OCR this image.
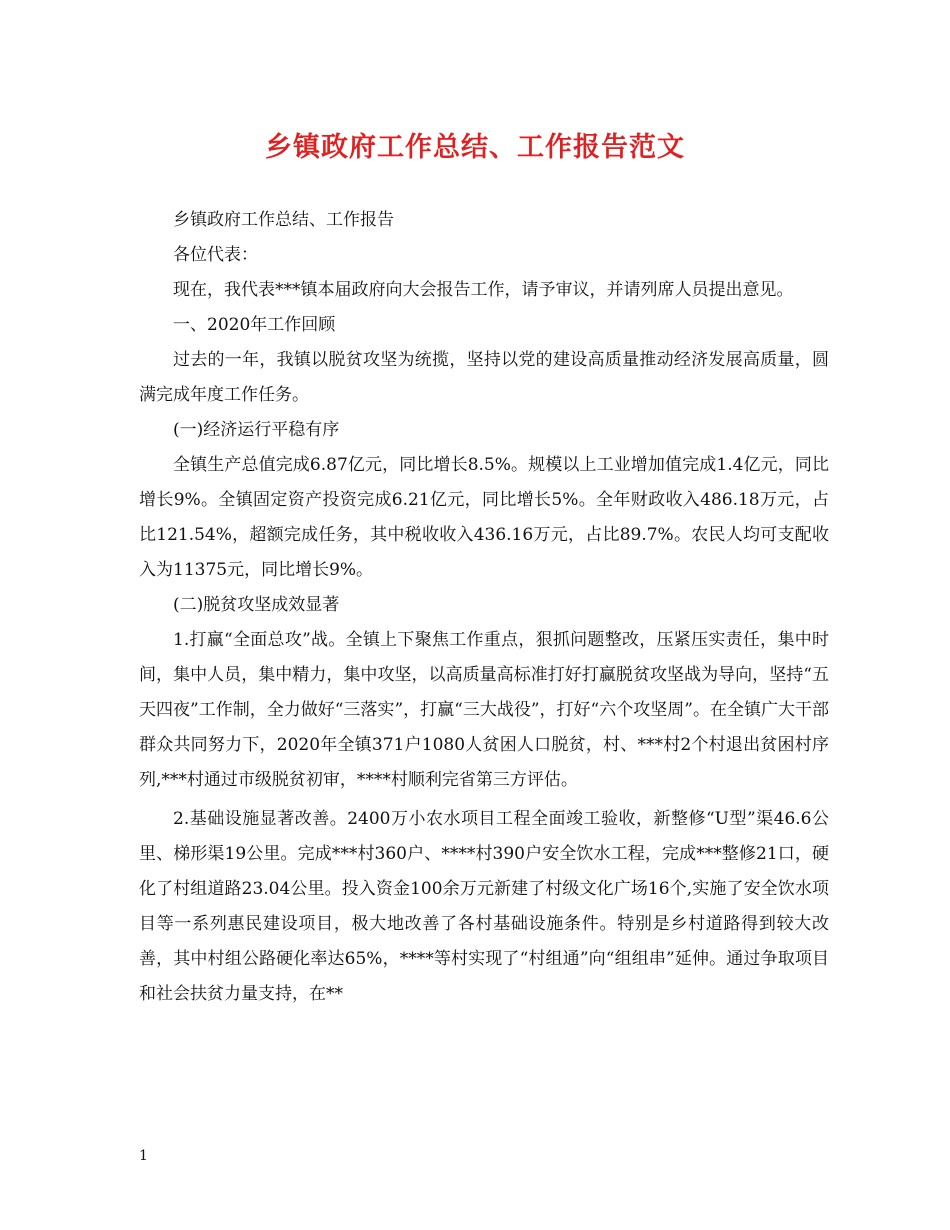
乡镇政府工作总结、工作报告范文

乡镇政府工作总结、工作报告

各位代表：

现在，我代表***镇本届政府向大会报告工作，请予审议，并请列席人员提出意见。

一、2020年工作回顾

过去的一年，我镇以脱贫攻坚为统揽，坚持以党的建设高质量推动经济发展高质量，圆满完成年度工作任务。

(一)经济运行平稳有序

全镇生产总值完成6.87亿元，同比增长8.5%。规模以上工业增加值完成1.4亿元，同比增长9%。全镇固定资产投资完成6.21亿元，同比增长5%。全年财政收入486.18万元，占比121.54%，超额完成任务，其中税收收入436.16万元，占比89.7%。农民人均可支配收入为11375元，同比增长9%。

(二)脱贫攻坚成效显著

1.打赢“全面总攻”战。全镇上下聚焦工作重点，狠抓问题整改，压紧压实责任，集中时间，集中人员，集中精力，集中攻坚，以高质量高标准打好打赢脱贫攻坚战为导向，坚持“五天四夜”工作制，全力做好“三落实”，打赢“三大战役”，打好“六个攻坚周”。在全镇广大干部群众共同努力下，2020年全镇371户1080人贫困人口脱贫，村、***村2个村退出贫困村序列,***村通过市级脱贫初审，****村顺利完省第三方评估。

2.基础设施显著改善。2400万小农水项目工程全面竣工验收，新整修“U型”渠46.6公里、梯形渠19公里。完成***村360户、****村390户安全饮水工程，完成***整修21口，硬化了村组道路23.04公里。投入资金100余万元新建了村级文化广场16个,实施了安全饮水项目等一系列惠民建设项目，极大地改善了各村基础设施条件。特别是乡村道路得到较大改善，其中村组公路硬化率达65%，****等村实现了“村组通”向“组组串”延伸。通过争取项目和社会扶贫力量支持，在**

1
